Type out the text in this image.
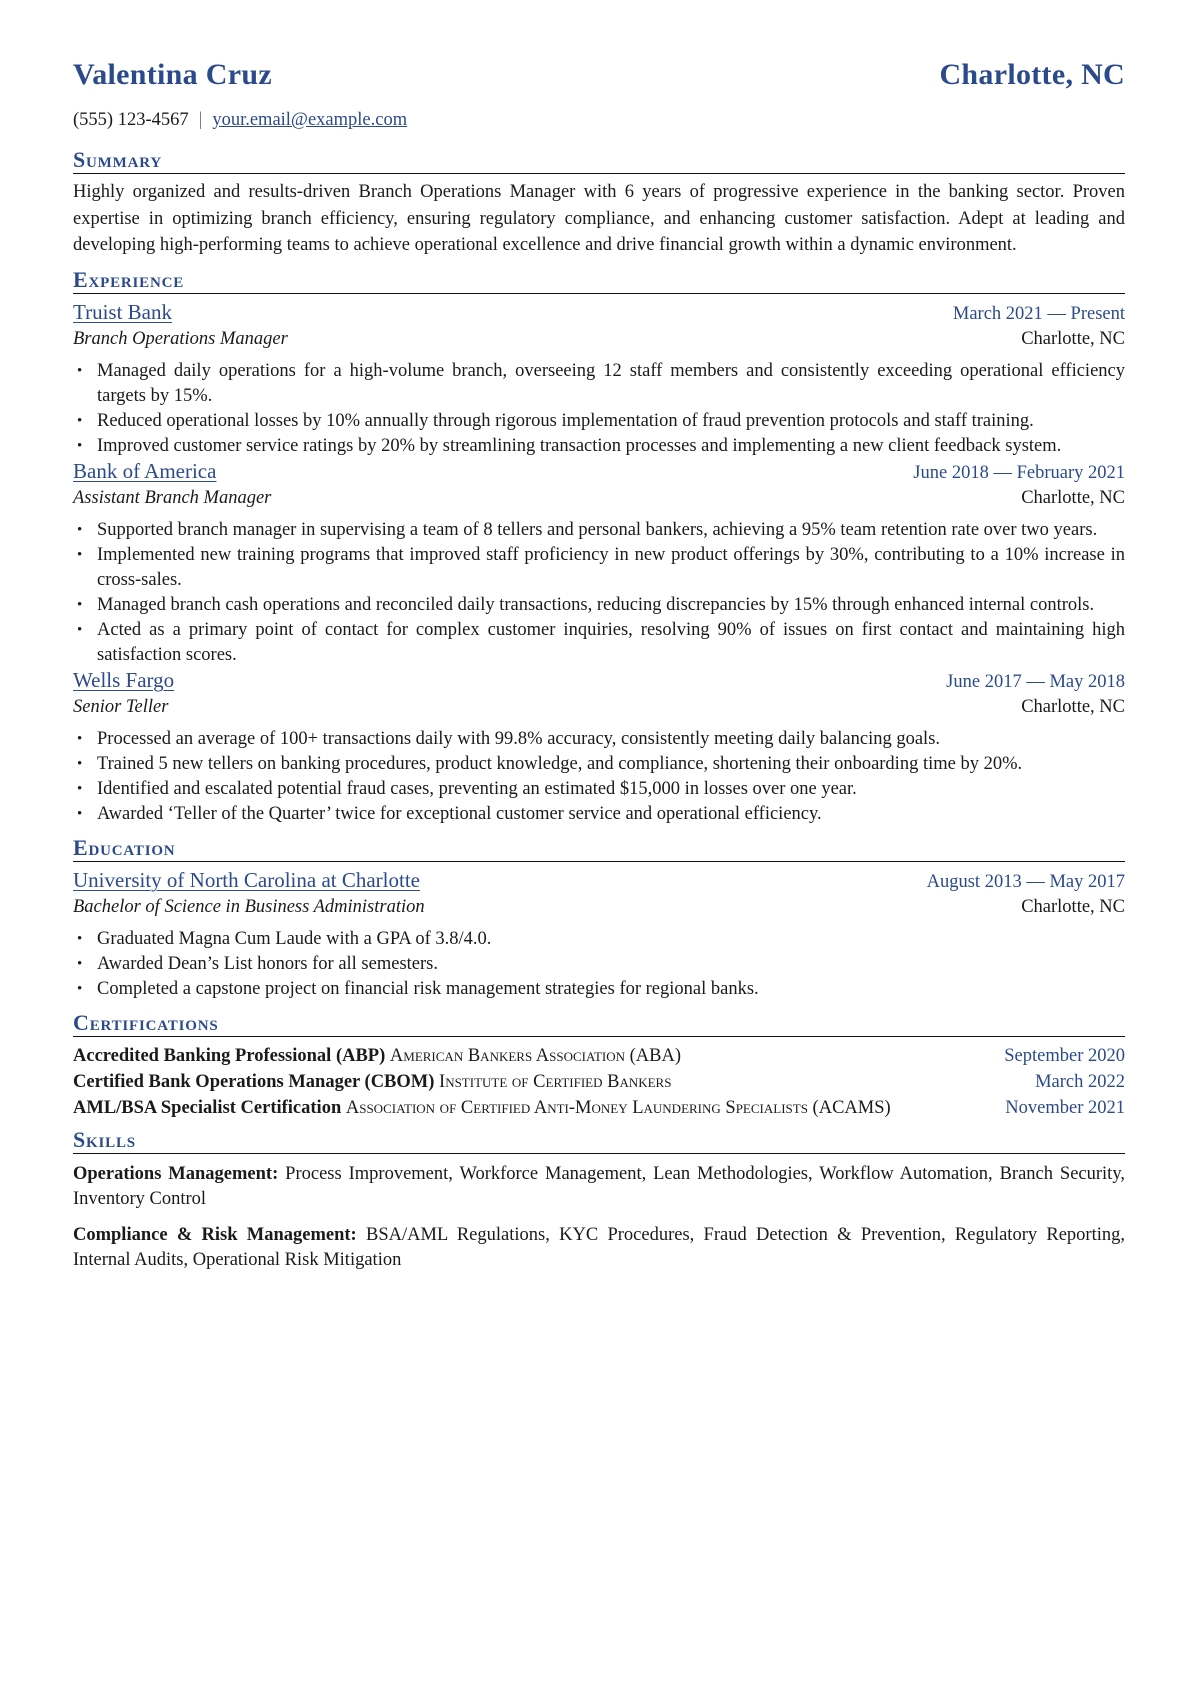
Valentina Cruz	Charlotte, NC
(555) 123-4567 | your.email@example.com
Summary
Highly organized and results-driven Branch Operations Manager with 6 years of progressive experience in the banking sector. Proven expertise in optimizing branch efficiency, ensuring regulatory compliance, and enhancing customer satisfaction. Adept at leading and developing high-performing teams to achieve operational excellence and drive financial growth within a dynamic environment.
Experience
Truist Bank	March 2021 — Present
Branch Operations Manager	Charlotte, NC
• Managed daily operations for a high-volume branch, overseeing 12 staff members and consistently exceeding operational efficiency targets by 15%.
• Reduced operational losses by 10% annually through rigorous implementation of fraud prevention protocols and staff training.
• Improved customer service ratings by 20% by streamlining transaction processes and implementing a new client feedback system.
Bank of America	June 2018 — February 2021
Assistant Branch Manager	Charlotte, NC
• Supported branch manager in supervising a team of 8 tellers and personal bankers, achieving a 95% team retention rate over two years.
• Implemented new training programs that improved staff proficiency in new product offerings by 30%, contributing to a 10% increase in cross-sales.
• Managed branch cash operations and reconciled daily transactions, reducing discrepancies by 15% through enhanced internal controls.
• Acted as a primary point of contact for complex customer inquiries, resolving 90% of issues on first contact and maintaining high satisfaction scores.
Wells Fargo	June 2017 — May 2018
Senior Teller	Charlotte, NC
• Processed an average of 100+ transactions daily with 99.8% accuracy, consistently meeting daily balancing goals.
• Trained 5 new tellers on banking procedures, product knowledge, and compliance, shortening their onboarding time by 20%.
• Identified and escalated potential fraud cases, preventing an estimated $15,000 in losses over one year.
• Awarded ‘Teller of the Quarter’ twice for exceptional customer service and operational efficiency.
Education
University of North Carolina at Charlotte	August 2013 — May 2017
Bachelor of Science in Business Administration	Charlotte, NC
• Graduated Magna Cum Laude with a GPA of 3.8/4.0.
• Awarded Dean’s List honors for all semesters.
• Completed a capstone project on financial risk management strategies for regional banks.
Certifications
Accredited Banking Professional (ABP) American Bankers Association (ABA)	September 2020
Certified Bank Operations Manager (CBOM) Institute of Certified Bankers	March 2022
AML/BSA Specialist Certification Association of Certified Anti-Money Laundering Specialists (ACAMS)	November 2021
Skills
Operations Management: Process Improvement, Workforce Management, Lean Methodologies, Workflow Automation, Branch Security, Inventory Control
Compliance & Risk Management: BSA/AML Regulations, KYC Procedures, Fraud Detection & Prevention, Regulatory Reporting, Internal Audits, Operational Risk Mitigation
